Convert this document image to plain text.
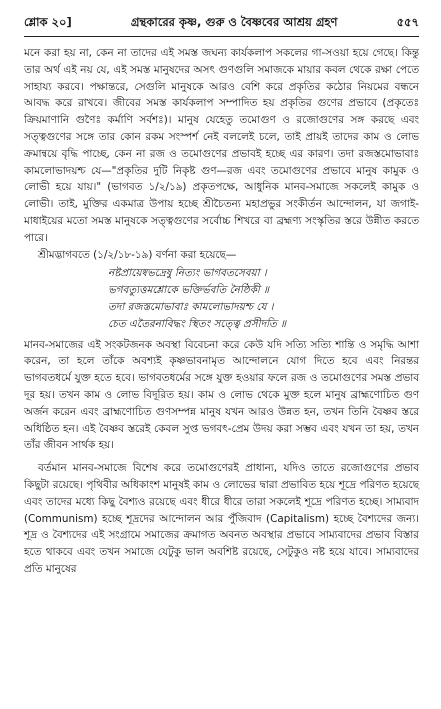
শ্লোক ২০]	গ্রন্থকারের কৃষ্ণ, গুরু ও বৈষ্ণবের আশ্রয় গ্রহণ	৫৫৭

মনে করা হয় না, কেন না তাদের এই সমস্ত জঘন্য কার্যকলাপ সকলের গা-সওয়া হয়ে গেছে। কিন্তু তার অর্থ এই নয় যে, এই সমস্ত মানুষদের অসৎ গুণগুলি সমাজকে মায়ার কবল থেকে রক্ষা পেতে সাহায্য করবে। পক্ষান্তরে, সেগুলি মানুষকে আরও বেশি করে প্রকৃতির কঠোর নিয়মের বন্ধনে আবদ্ধ করে রাখবে। জীবের সমস্ত কার্যকলাপ সম্পাদিত হয় প্রকৃতির গুণের প্রভাবে (প্রকৃতেঃ ক্রিয়মাণানি গুণৈঃ কর্মাণি সর্বশঃ)। মানুষ যেহেতু তমোগুণ ও রজোগুণের সঙ্গ করছে এবং সত্ত্বগুণের সঙ্গে তার কোন রকম সংস্পর্শ নেই বললেই চলে, তাই প্রায়ই তাদের কাম ও লোভ ক্রমান্বয়ে বৃদ্ধি পাচ্ছে, কেন না রজ ও তমোগুণের প্রভাবই হচ্ছে এর কারণ। তদা রজস্তমোভাবাঃ কামলোভাদয়শ্চ যে—"প্রকৃতির দুটি নিকৃষ্ট গুণ—রজ এবং তমোগুণের প্রভাবে মানুষ কামুক ও লোভী হয়ে যায়।" (ভাগবত ১/২/১৯) প্রকৃতপক্ষে, আধুনিক মানব-সমাজে সকলেই কামুক ও লোভী। তাই, মুক্তির একমাত্র উপায় হচ্ছে শ্রীচৈতন্য মহাপ্রভুর সংকীর্তন আন্দোলন, যা জগাই-মাধাইয়ের মতো সমস্ত মানুষকে সত্ত্বগুণের সর্বোচ্চ শিখরে বা ব্রহ্মণ্য সংস্কৃতির স্তরে উন্নীত করতে পারে।

শ্রীমদ্ভাগবতে (১/২/১৮-১৯) বর্ণনা করা হয়েছে—

নষ্টপ্রায়েষ্বভদ্রেষু নিত্যং ভাগবতসেবয়া ।
ভগবত্যুত্তমশ্লোকে ভক্তির্ভবতি নৈষ্ঠিকী ॥
তদা রজস্তমোভাবাঃ কামলোভাদয়শ্চ যে ।
চেত এতৈরনাবিদ্ধং স্থিতং সত্ত্বে প্রসীদতি ॥

মানব-সমাজের এই সংকটজনক অবস্থা বিবেচনা করে কেউ যদি সত্যি সত্যি শান্তি ও সমৃদ্ধি আশা করেন, তা হলে তাঁকে অবশ্যই কৃষ্ণভাবনামৃত আন্দোলনে যোগ দিতে হবে এবং নিরন্তর ভাগবতধর্মে যুক্ত হতে হবে। ভাগবতধর্মের সঙ্গে যুক্ত হওয়ার ফলে রজ ও তমোগুণের সমস্ত প্রভাব দূর হয়। তখন কাম ও লোভ বিদূরিত হয়। কাম ও লোভ থেকে মুক্ত হলে মানুষ ব্রাহ্মণোচিত গুণ অর্জন করেন এবং ব্রাহ্মণোচিত গুণসম্পন্ন মানুষ যখন আরও উন্নত হন, তখন তিনি বৈষ্ণব স্তরে অধিষ্ঠিত হন। এই বৈষ্ণব স্তরেই কেবল সুপ্ত ভগবৎ-প্রেম উদয় করা সম্ভব এবং যখন তা হয়, তখন তাঁর জীবন সার্থক হয়।

বর্তমান মানব-সমাজে বিশেষ করে তমোগুণেরই প্রাধান্য, যদিও তাতে রজোগুণের প্রভাব কিছুটা রয়েছে। পৃথিবীর অধিকাংশ মানুষই কাম ও লোভের দ্বারা প্রভাবিত হয়ে শূদ্রে পরিণত হয়েছে এবং তাদের মধ্যে কিছু বৈশ্যও রয়েছে এবং ধীরে ধীরে তারা সকলেই শূদ্রে পরিণত হচ্ছে। সাম্যবাদ (Communism) হচ্ছে শূদ্রদের আন্দোলন আর পুঁজিবাদ (Capitalism) হচ্ছে বৈশ্যদের জন্য। শূদ্র ও বৈশ্যদের এই সংগ্রামে সমাজের ক্রমাগত অবনত অবস্থার প্রভাবে সাম্যবাদের প্রভাব বিস্তার হতে থাকবে এবং তখন সমাজে যেটুকু ভাল অবশিষ্ট রয়েছে, সেটুকুও নষ্ট হয়ে যাবে। সাম্যবাদের প্রতি মানুষের
